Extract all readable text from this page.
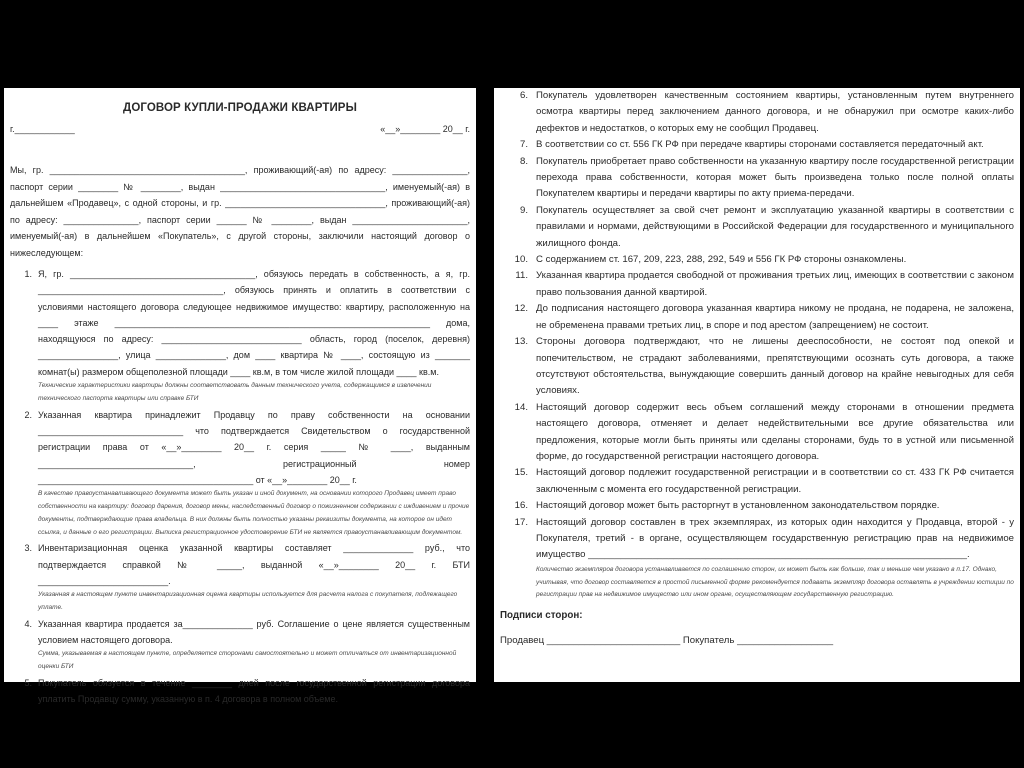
ДОГОВОР КУПЛИ-ПРОДАЖИ КВАРТИРЫ
г.____________	«__»________ 20__ г.

Мы, гр. _______________________________________, проживающий(-ая) по адресу: _______________, паспорт серии ________ № ________, выдан _________________________________, именуемый(-ая) в дальнейшем «Продавец», с одной стороны, и гр. ________________________________, проживающий(-ая) по адресу: _______________, паспорт серии ______ № ________, выдан _______________________, именуемый(-ая) в дальнейшем «Покупатель», с другой стороны, заключили настоящий договор о нижеследующем:

1. Я, гр. _____________________________________, обязуюсь передать в собственность, а я, гр. _____________________________________, обязуюсь принять и оплатить в соответствии с условиями настоящего договора следующее недвижимое имущество: квартиру, расположенную на ____ этаже _______________________________________________________________ дома, находящуюся по адресу: ____________________________ область, город (поселок, деревня) ________________, улица ______________, дом ____ квартира № ____, состоящую из _______ комнат(ы) размером общеполезной площади ____ кв.м, в том числе жилой площади ____ кв.м.
Технические характеристики квартиры должны соответствовать данным технического учета, содержащимся в извлечении технического паспорта квартиры или справке БТИ
2. Указанная квартира принадлежит Продавцу по праву собственности на основании _____________________________ что подтверждается Свидетельством о государственной регистрации права от «__»________ 20__ г. серия _____ № ____, выданным _______________________________, регистрационный номер ___________________________________________ от «__»________ 20__ г.
В качестве правоустанавливающего документа может быть указан и иной документ, на основании которого Продавец имеет право собственности на квартиру: договор дарения, договор мены, наследственный договор о пожизненном содержании с иждивением и прочие документы, подтверждающие права владельца. В них должны быть полностью указаны реквизиты документа, на которое он идет ссылка, и данные о его регистрации. Выписка регистрационное удостоверение БТИ не является правоустанавливающим документом.
3. Инвентаризационная оценка указанной квартиры составляет ______________ руб., что подтверждается справкой № _____, выданной «__»________ 20__ г. БТИ __________________________.
Указанная в настоящем пункте инвентаризационная оценка квартиры используется для расчета налога с покупателя, подлежащего уплате.
4. Указанная квартира продается за______________ руб. Соглашение о цене является существенным условием настоящего договора.
Сумма, указываемая в настоящем пункте, определяется сторонами самостоятельно и может отличаться от инвентаризационной оценки БТИ
5. Покупатель обязуется в течение ________ дней после государственной регистрации договора уплатить Продавцу сумму, указанную в п. 4 договора в полном объеме.
6. Покупатель удовлетворен качественным состоянием квартиры, установленным путем внутреннего осмотра квартиры перед заключением данного договора, и не обнаружил при осмотре каких-либо дефектов и недостатков, о которых ему не сообщил Продавец.
7. В соответствии со ст. 556 ГК РФ при передаче квартиры сторонами составляется передаточный акт.
8. Покупатель приобретает право собственности на указанную квартиру после государственной регистрации перехода права собственности, которая может быть произведена только после полной оплаты Покупателем квартиры и передачи квартиры по акту приема-передачи.
9. Покупатель осуществляет за свой счет ремонт и эксплуатацию указанной квартиры в соответствии с правилами и нормами, действующими в Российской Федерации для государственного и муниципального жилищного фонда.
10. С содержанием ст. 167, 209, 223, 288, 292, 549 и 556 ГК РФ стороны ознакомлены.
11. Указанная квартира продается свободной от проживания третьих лиц, имеющих в соответствии с законом право пользования данной квартирой.
12. До подписания настоящего договора указанная квартира никому не продана, не подарена, не заложена, не обременена правами третьих лиц, в споре и под арестом (запрещением) не состоит.
13. Стороны договора подтверждают, что не лишены дееспособности, не состоят под опекой и попечительством, не страдают заболеваниями, препятствующими осознать суть договора, а также отсутствуют обстоятельства, вынуждающие совершить данный договор на крайне невыгодных для себя условиях.
14. Настоящий договор содержит весь объем соглашений между сторонами в отношении предмета настоящего договора, отменяет и делает недействительными все другие обязательства или предложения, которые могли быть приняты или сделаны сторонами, будь то в устной или письменной форме, до государственной регистрации настоящего договора.
15. Настоящий договор подлежит государственной регистрации и в соответствии со ст. 433 ГК РФ считается заключенным с момента его государственной регистрации.
16. Настоящий договор может быть расторгнут в установленном законодательством порядке.
17. Настоящий договор составлен в трех экземплярах, из которых один находится у Продавца, второй - у Покупателя, третий - в органе, осуществляющем государственную регистрацию прав на недвижимое имущество _______________________________________________________________________.
Количество экземпляров договора устанавливается по соглашению сторон, их может быть как больше, так и меньше чем указано в п.17. Однако, учитывая, что договор составляется в простой письменной форме рекомендуется подавать экземпляр договора оставлять в учреждении юстиции по регистрации прав на недвижимое имущество или ином органе, осуществляющем государственную регистрацию.
Подписи сторон:
Продавец _________________________ Покупатель __________________
